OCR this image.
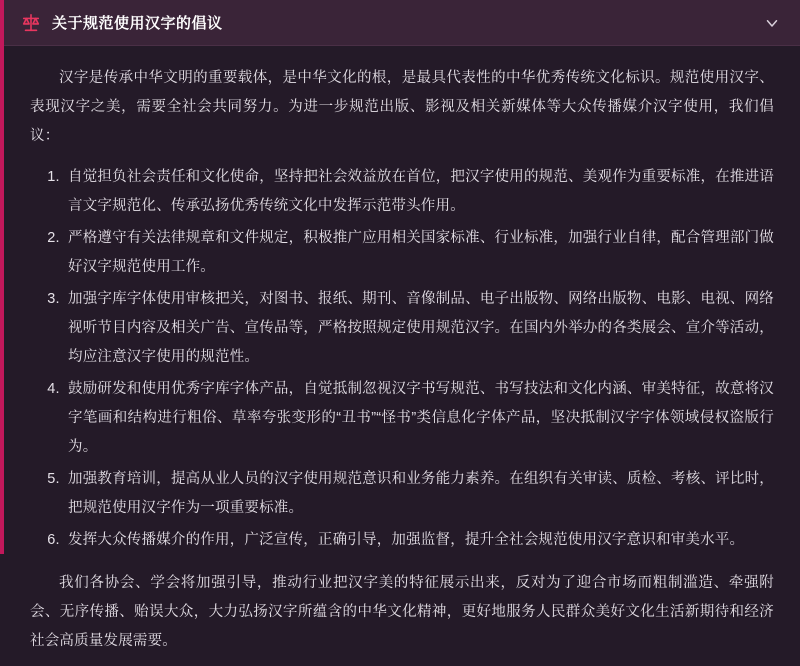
关于规范使用汉字的倡议

汉字是传承中华文明的重要载体，是中华文化的根，是最具代表性的中华优秀传统文化标识。规范使用汉字、表现汉字之美，需要全社会共同努力。为进一步规范出版、影视及相关新媒体等大众传播媒介汉字使用，我们倡议：

1. 自觉担负社会责任和文化使命，坚持把社会效益放在首位，把汉字使用的规范、美观作为重要标准，在推进语言文字规范化、传承弘扬优秀传统文化中发挥示范带头作用。
2. 严格遵守有关法律规章和文件规定，积极推广应用相关国家标准、行业标准，加强行业自律，配合管理部门做好汉字规范使用工作。
3. 加强字库字体使用审核把关，对图书、报纸、期刊、音像制品、电子出版物、网络出版物、电影、电视、网络视听节目内容及相关广告、宣传品等，严格按照规定使用规范汉字。在国内外举办的各类展会、宣介等活动，均应注意汉字使用的规范性。
4. 鼓励研发和使用优秀字库字体产品，自觉抵制忽视汉字书写规范、书写技法和文化内涵、审美特征，故意将汉字笔画和结构进行粗俗、草率夸张变形的“丑书”“怪书”类信息化字体产品，坚决抵制汉字字体领域侵权盗版行为。
5. 加强教育培训，提高从业人员的汉字使用规范意识和业务能力素养。在组织有关审读、质检、考核、评比时，把规范使用汉字作为一项重要标准。
6. 发挥大众传播媒介的作用，广泛宣传，正确引导，加强监督，提升全社会规范使用汉字意识和审美水平。

我们各协会、学会将加强引导，推动行业把汉字美的特征展示出来，反对为了迎合市场而粗制滥造、牵强附会、无序传播、贻误大众，大力弘扬汉字所蕴含的中华文化精神，更好地服务人民群众美好文化生活新期待和经济社会高质量发展需要。
